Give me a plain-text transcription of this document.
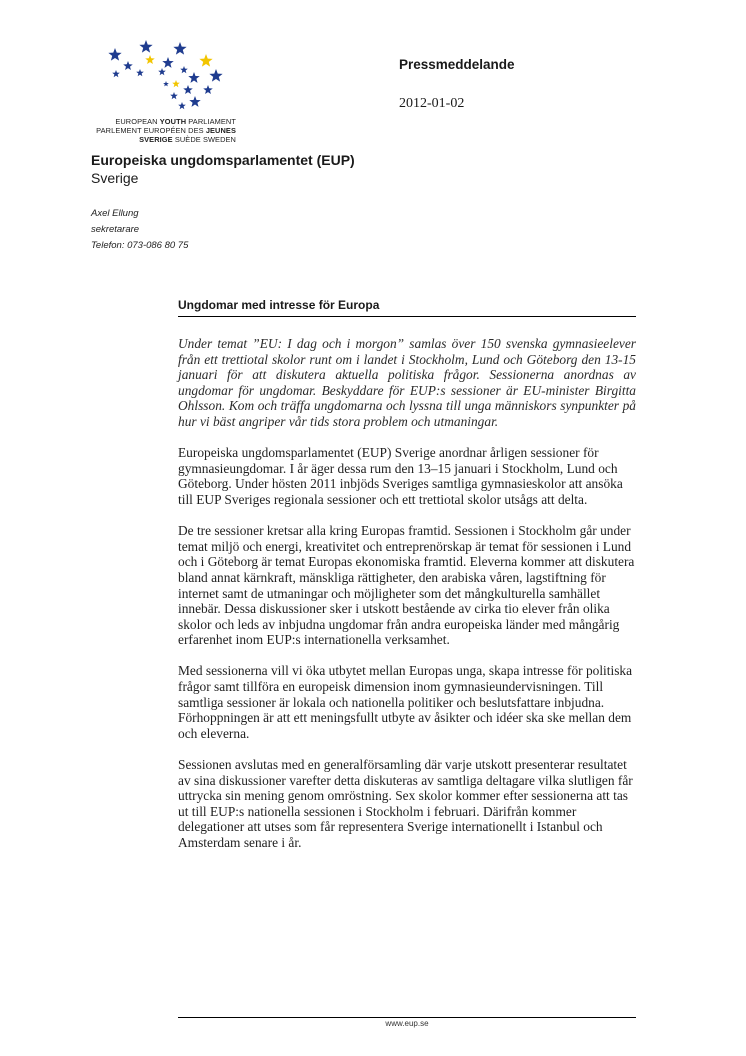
EUROPEAN YOUTH PARLIAMENT
PARLEMENT EUROPÉEN DES JEUNES
SVERIGE SUÈDE SWEDEN
Pressmeddelande
2012-01-02
Europeiska ungdomsparlamentet (EUP)
Sverige
Axel Ellung
sekretarare
Telefon: 073-086 80 75
Ungdomar med intresse för Europa

Under temat ”EU: I dag och i morgon” samlas över 150 svenska gymnasieelever från ett trettiotal skolor runt om i landet i Stockholm, Lund och Göteborg den 13-15 januari för att diskutera aktuella politiska frågor. Sessionerna anordnas av ungdomar för ungdomar. Beskyddare för EUP:s sessioner är EU-minister Birgitta Ohlsson. Kom och träffa ungdomarna och lyssna till unga människors synpunkter på hur vi bäst angriper vår tids stora problem och utmaningar.

Europeiska ungdomsparlamentet (EUP) Sverige anordnar årligen sessioner för gymnasieungdomar. I år äger dessa rum den 13–15 januari i Stockholm, Lund och Göteborg. Under hösten 2011 inbjöds Sveriges samtliga gymnasieskolor att ansöka till EUP Sveriges regionala sessioner och ett trettiotal skolor utsågs att delta.

De tre sessioner kretsar alla kring Europas framtid. Sessionen i Stockholm går under temat miljö och energi, kreativitet och entreprenörskap är temat för sessionen i Lund och i Göteborg är temat Europas ekonomiska framtid. Eleverna kommer att diskutera bland annat kärnkraft, mänskliga rättigheter, den arabiska våren, lagstiftning för internet samt de utmaningar och möjligheter som det mångkulturella samhället innebär. Dessa diskussioner sker i utskott bestående av cirka tio elever från olika skolor och leds av inbjudna ungdomar från andra europeiska länder med mångårig erfarenhet inom EUP:s internationella verksamhet.

Med sessionerna vill vi öka utbytet mellan Europas unga, skapa intresse för politiska frågor samt tillföra en europeisk dimension inom gymnasieundervisningen. Till samtliga sessioner är lokala och nationella politiker och beslutsfattare inbjudna. Förhoppningen är att ett meningsfullt utbyte av åsikter och idéer ska ske mellan dem och eleverna.

Sessionen avslutas med en generalförsamling där varje utskott presenterar resultatet av sina diskussioner varefter detta diskuteras av samtliga deltagare vilka slutligen får uttrycka sin mening genom omröstning. Sex skolor kommer efter sessionerna att tas ut till EUP:s nationella sessionen i Stockholm i februari. Därifrån kommer delegationer att utses som får representera Sverige internationellt i Istanbul och Amsterdam senare i år.

www.eup.se
